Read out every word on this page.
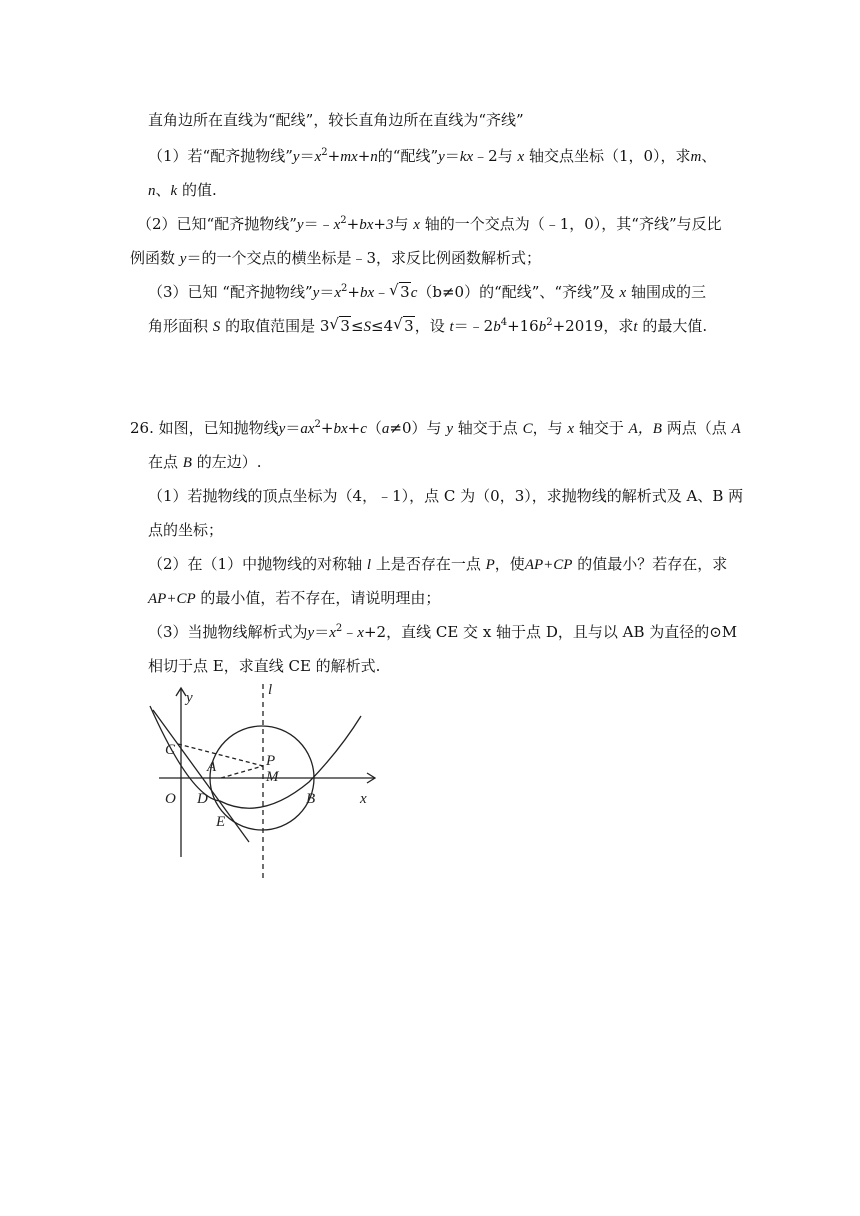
直角边所在直线为“配线”，较长直角边所在直线为“齐线”
（1）若“配齐抛物线$”y=x^2+mx+n$的“配线”y＝kx﹣2与 x 轴交点坐标（1，0），求m、
n、k 的值.
（2）已知“配齐抛物线$”y=﹣x^2+bx+3$与 x 轴的一个交点为（﹣1，0），其“齐线”与反比
例函数 y＝的一个交点的横坐标是﹣3，求反比例函数解析式；
（3）已知 “配齐抛物线$”y=x^2+bx﹣√$ 3c（b≠0）的“配线”、“齐线”及 x 轴围成的三
角形面积 S 的取值范围是 3√ 3≤S≤4√ 3，设 $t=﹣2b^4+16b^2+2019$，求t 的最大值.
26. 如图，已知抛物线$y=ax^2+bx+c(a\ne 0)$与 y 轴交于点 C，与 x 轴交于 A，B 两点（点 A
在点 B 的左边）.
（1）若抛物线的顶点坐标为（4，﹣1），点 C 为（0，3），求抛物线的解析式及 A、B 两
点的坐标；
（2）在（1）中抛物线的对称轴 l 上是否存在一点 P，使AP+CP 的值最小？若存在，求
AP+CP 的最小值，若不存在，请说明理由；
（3）当抛物线解析式为$y=x^2﹣x+2$，直线 CE 交 x 轴于点 D，且与以 AB 为直径的⊙M
相切于点 E，求直线 CE 的解析式.
y	l
C
P
A
M
O D	B	x
E
